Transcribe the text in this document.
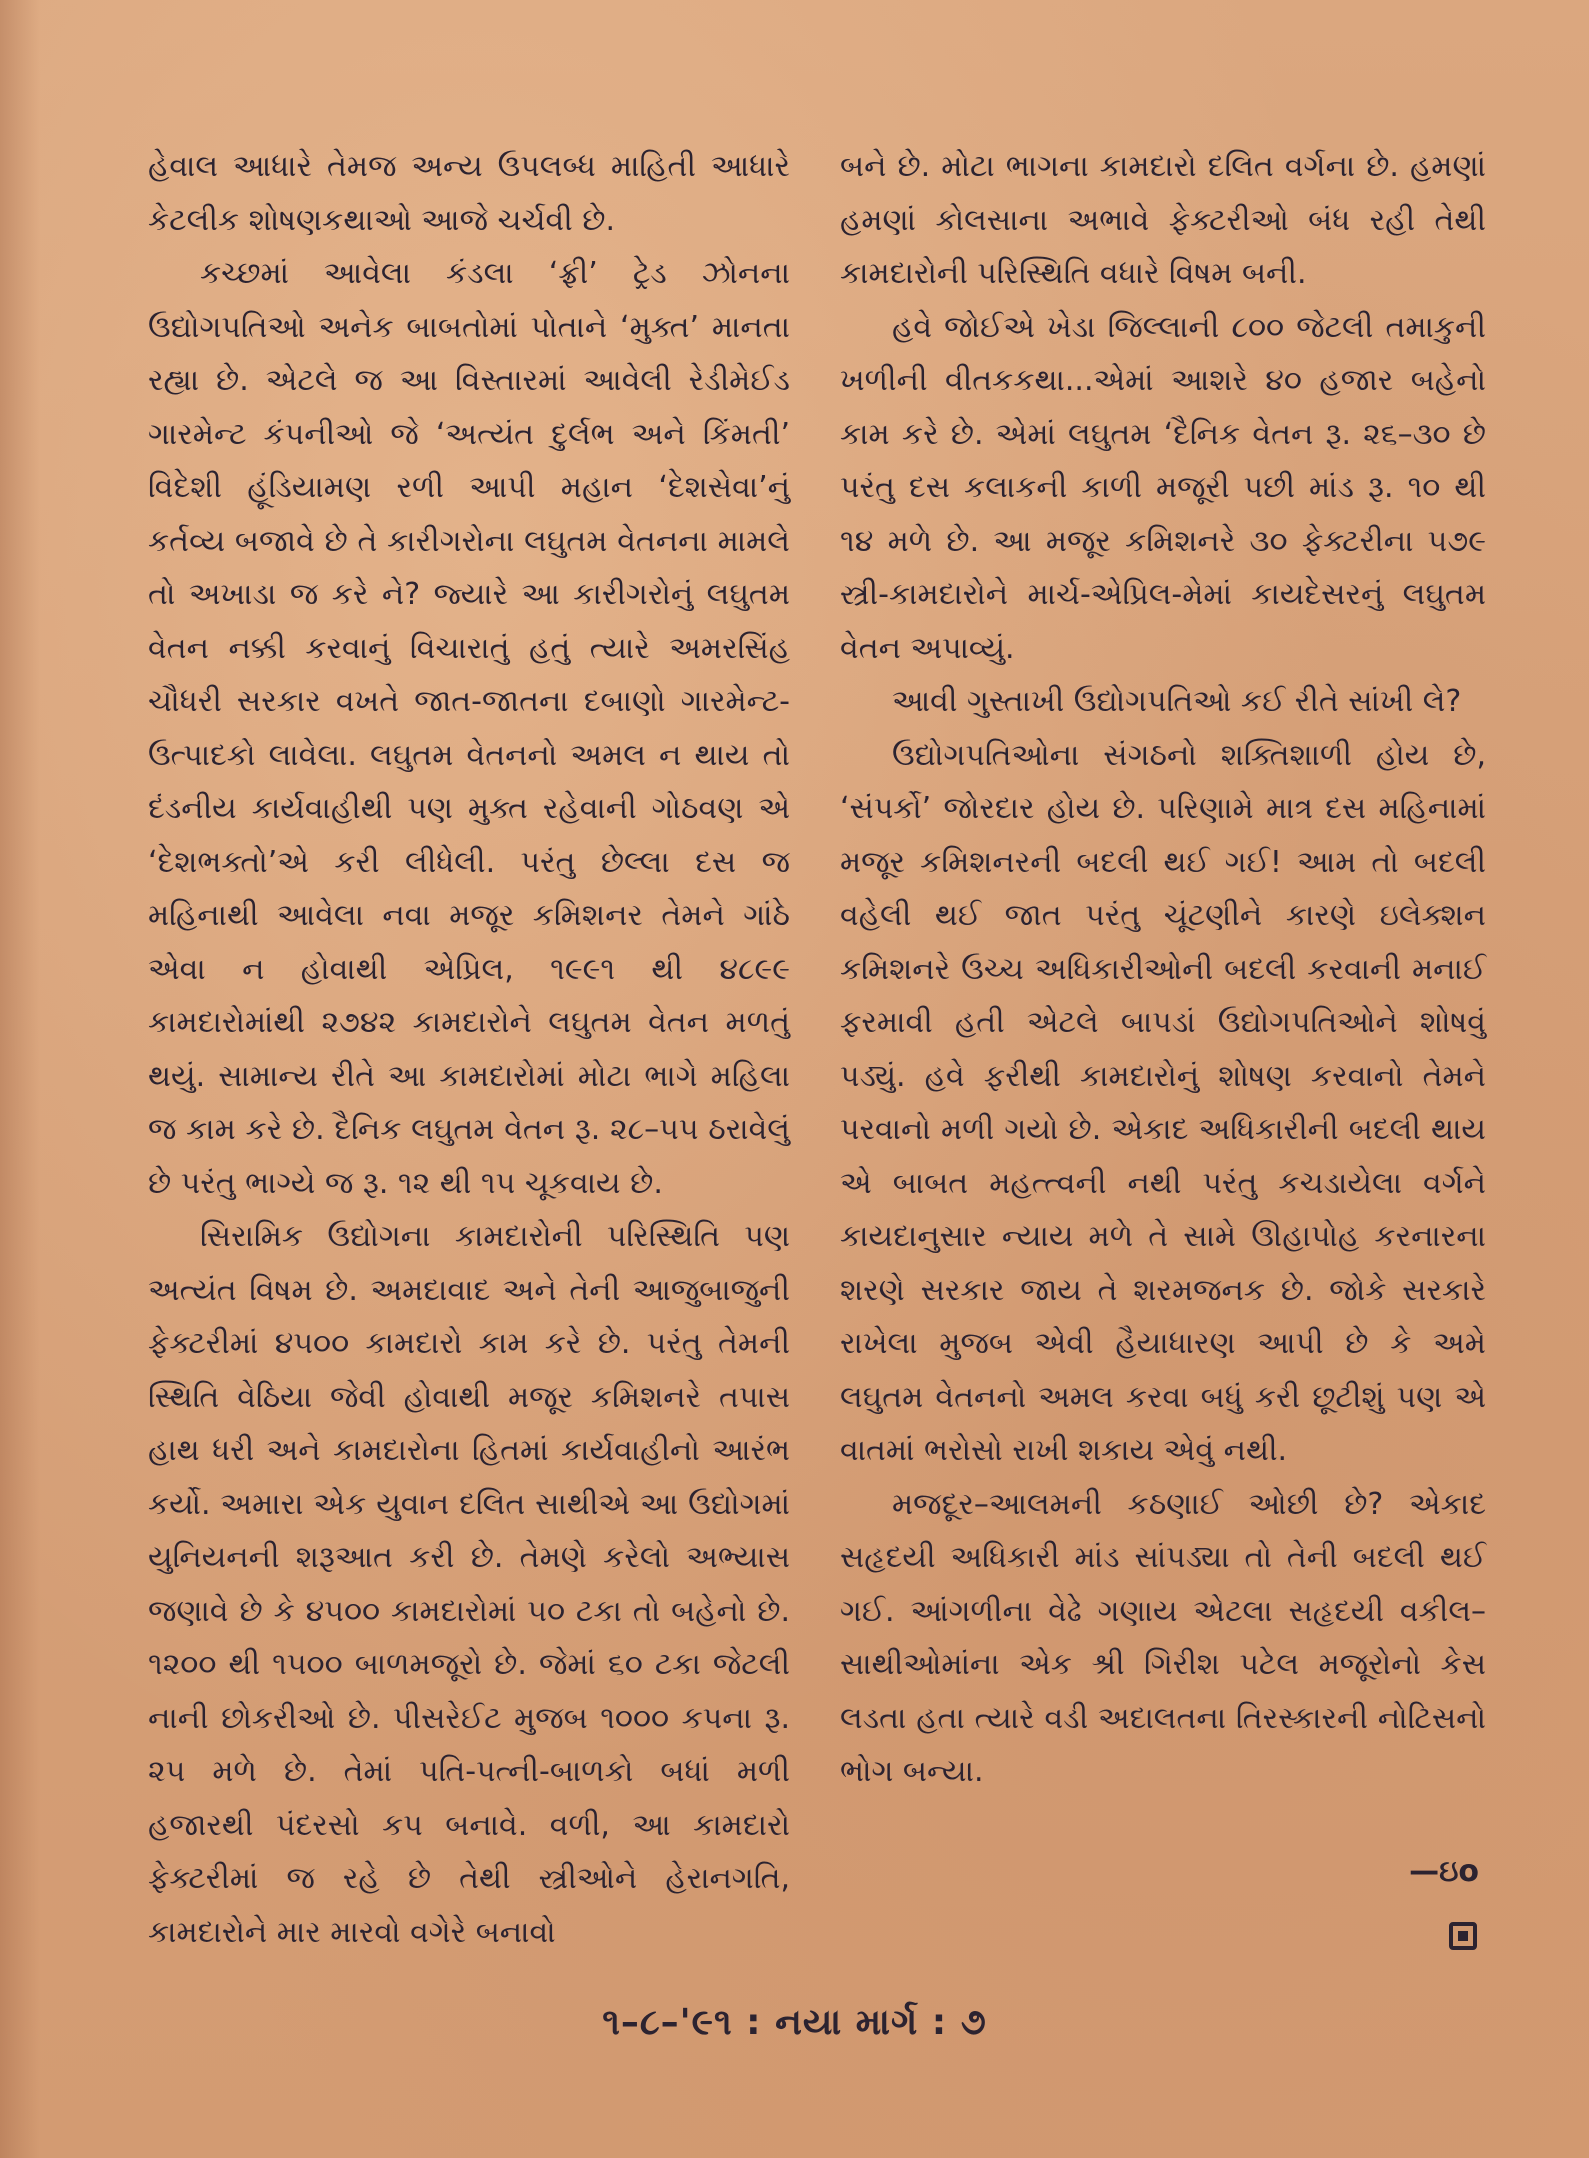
હેવાલ આધારે તેમજ અન્ય ઉપલબ્ધ માહિતી આધારે કેટલીક શોષણકથાઓ આજે ચર્ચવી છે.

કચ્છમાં આવેલા કંડલા ‘ફ્રી’ ટ્રેડ ઝોનના ઉદ્યોગપતિઓ અનેક બાબતોમાં પોતાને ‘મુક્ત’ માનતા રહ્યા છે. એટલે જ આ વિસ્તારમાં આવેલી રેડીમેઈડ ગારમેન્ટ કંપનીઓ જે ‘અત્યંત દુર્લભ અને કિંમતી’ વિદેશી હૂંડિયામણ રળી આપી મહાન ‘દેશસેવા’નું કર્તવ્ય બજાવે છે તે કારીગરોના લઘુતમ વેતનના મામલે તો અખાડા જ કરે ને? જ્યારે આ કારીગરોનું લઘુતમ વેતન નક્કી કરવાનું વિચારાતું હતું ત્યારે અમરસિંહ ચૌધરી સરકાર વખતે જાત-જાતના દબાણો ગારમેન્ટ-ઉત્પાદકો લાવેલા. લઘુતમ વેતનનો અમલ ન થાય તો દંડનીય કાર્યવાહીથી પણ મુક્ત રહેવાની ગોઠવણ એ ‘દેશભક્તો’એ કરી લીધેલી. પરંતુ છેલ્લા દસ જ મહિનાથી આવેલા નવા મજૂર કમિશનર તેમને ગાંઠે એવા ન હોવાથી એપ્રિલ, ૧૯૯૧ થી ૪૮૯૯ કામદારોમાંથી ૨૭૪૨ કામદારોને લઘુતમ વેતન મળતું થયું. સામાન્ય રીતે આ કામદારોમાં મોટા ભાગે મહિલા જ કામ કરે છે. દૈનિક લઘુતમ વેતન રૂ. ૨૮–૫૫ ઠરાવેલું છે પરંતુ ભાગ્યે જ રૂ. ૧૨ થી ૧૫ ચૂકવાય છે.

સિરામિક ઉદ્યોગના કામદારોની પરિસ્થિતિ પણ અત્યંત વિષમ છે. અમદાવાદ અને તેની આજુબાજુની ફેક્ટરીમાં ૪૫૦૦ કામદારો કામ કરે છે. પરંતુ તેમની સ્થિતિ વેઠિયા જેવી હોવાથી મજૂર કમિશનરે તપાસ હાથ ધરી અને કામદારોના હિતમાં કાર્યવાહીનો આરંભ કર્યો. અમારા એક યુવાન દલિત સાથીએ આ ઉદ્યોગમાં યુનિયનની શરૂઆત કરી છે. તેમણે કરેલો અભ્યાસ જણાવે છે કે ૪૫૦૦ કામદારોમાં ૫૦ ટકા તો બહેનો છે. ૧૨૦૦ થી ૧૫૦૦ બાળમજૂરો છે. જેમાં ૬૦ ટકા જેટલી નાની છોકરીઓ છે. પીસરેઈટ મુજબ ૧૦૦૦ કપના રૂ. ૨૫ મળે છે. તેમાં પતિ-પત્ની-બાળકો બધાં મળી હજારથી પંદરસો કપ બનાવે. વળી, આ કામદારો ફેક્ટરીમાં જ રહે છે તેથી સ્ત્રીઓને હેરાનગતિ, કામદારોને માર મારવો વગેરે બનાવો

બને છે. મોટા ભાગના કામદારો દલિત વર્ગના છે. હમણાં હમણાં કોલસાના અભાવે ફેક્ટરીઓ બંધ રહી તેથી કામદારોની પરિસ્થિતિ વધારે વિષમ બની.

હવે જોઈએ ખેડા જિલ્લાની ૮૦૦ જેટલી તમાકુની ખળીની વીતકકથા...એમાં આશરે ૪૦ હજાર બહેનો કામ કરે છે. એમાં લઘુતમ ‘દૈનિક વેતન રૂ. ૨૬–૩૦ છે પરંતુ દસ કલાકની કાળી મજૂરી પછી માંડ રૂ. ૧૦ થી ૧૪ મળે છે. આ મજૂર કમિશનરે ૩૦ ફેક્ટરીના ૫૭૯ સ્ત્રી-કામદારોને માર્ચ-એપ્રિલ-મેમાં કાયદેસરનું લઘુતમ વેતન અપાવ્યું.

આવી ગુસ્તાખી ઉદ્યોગપતિઓ કઈ રીતે સાંખી લે?

ઉદ્યોગપતિઓના સંગઠનો શક્તિશાળી હોય છે, ‘સંપર્કો’ જોરદાર હોય છે. પરિણામે માત્ર દસ મહિનામાં મજૂર કમિશનરની બદલી થઈ ગઈ! આમ તો બદલી વહેલી થઈ જાત પરંતુ ચૂંટણીને કારણે ઇલેક્શન કમિશનરે ઉચ્ચ અધિકારીઓની બદલી કરવાની મનાઈ ફરમાવી હતી એટલે બાપડાં ઉદ્યોગપતિઓને શોષવું પડ્યું. હવે ફરીથી કામદારોનું શોષણ કરવાનો તેમને પરવાનો મળી ગયો છે. એકાદ અધિકારીની બદલી થાય એ બાબત મહત્ત્વની નથી પરંતુ કચડાયેલા વર્ગને કાયદાનુસાર ન્યાય મળે તે સામે ઊહાપોહ કરનારના શરણે સરકાર જાય તે શરમજનક છે. જોકે સરકારે રાખેલા મુજબ એવી હૈયાધારણ આપી છે કે અમે લઘુતમ વેતનનો અમલ કરવા બધું કરી છૂટીશું પણ એ વાતમાં ભરોસો રાખી શકાય એવું નથી.

મજદૂર–આલમની કઠણાઈ ઓછી છે? એકાદ સહૃદયી અધિકારી માંડ સાંપડ્યા તો તેની બદલી થઈ ગઈ. આંગળીના વેઢે ગણાય એટલા સહૃદયી વકીલ–સાથીઓમાંના એક શ્રી ગિરીશ પટેલ મજૂરોનો કેસ લડતા હતા ત્યારે વડી અદાલતના તિરસ્કારની નોટિસનો ભોગ બન્યા.

—ઇo
૧–૮–'૯૧ : નયા માર્ગ : ૭
